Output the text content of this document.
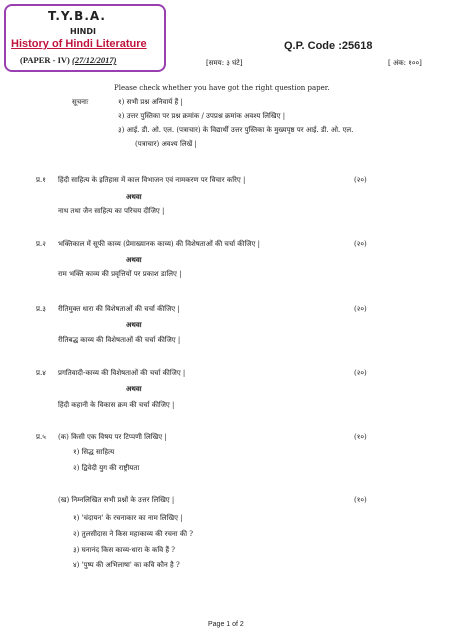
T.Y.B.A.
HINDI
History of Hindi Literature
(PAPER - IV) (27/12/2017)
Q.P. Code :25618
[समय: ३ घंटे]	[ अंक: १००]
Please check whether you have got the right question paper.
सूचनाः	१) सभी प्रश्न अनिवार्य हैं |
२) उत्तर पुस्तिका पर प्रश्न क्रमांक / उपप्रश्न क्रमांक अवश्य लिखिए |
३) आई. डी. ओ. एल. (पत्राचार) के विद्यार्थी उत्तर पुस्तिका के मुख्यपृष्ठ पर आई. डी. ओ. एल.
(पत्राचार) अवश्य लिखें |
प्र.१ हिंदी साहित्य के इतिहास में काल विभाजन एवं नामकरण पर विचार करिए |	(२०)
अथवा
नाथ तथा जैन साहित्य का परिचय दीजिए |
प्र.२ भक्तिकाल में सूफी काव्य (प्रेमाख्यानक काव्य) की विशेषताओं की चर्चा कीजिए |	(२०)
अथवा
राम भक्ति काव्य की प्रवृत्तियों पर प्रकाश डालिए |
प्र.३ रीतिमुक्त धारा की विशेषताओं की चर्चा कीजिए |	(२०)
अथवा
रीतिबद्ध काव्य की विशेषताओं की चर्चा कीजिए |
प्र.४ प्रगतिवादी-काव्य की विशेषताओं की चर्चा कीजिए |	(२०)
अथवा
हिंदी कहानी के विकास क्रम की चर्चा कीजिए |
प्र.५ (क) किसी एक विषय पर टिप्पणी लिखिए |	(१०)
१) सिद्ध साहित्य
२) द्विवेदी युग की राष्ट्रीयता
(ख) निम्नलिखित सभी प्रश्नों के उत्तर लिखिए |	(१०)
१) 'चंदायन' के रचनाकार का नाम लिखिए |
२) तुलसीदास ने किस महाकाव्य की रचना की ?
३) घनानंद किस काव्य-धारा के कवि हैं ?
४) 'पुष्प की अभिलाषा' का कवि कौन है ?
Page 1 of 2
